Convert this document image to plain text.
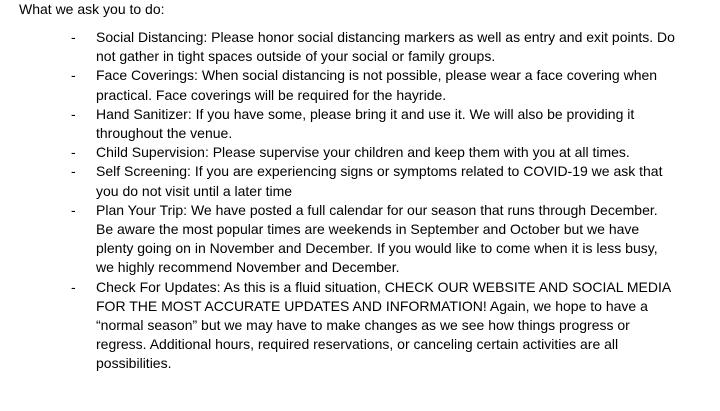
What we ask you to do:
- Social Distancing: Please honor social distancing markers as well as entry and exit points. Do not gather in tight spaces outside of your social or family groups.
- Face Coverings: When social distancing is not possible, please wear a face covering when practical. Face coverings will be required for the hayride.
- Hand Sanitizer: If you have some, please bring it and use it. We will also be providing it throughout the venue.
- Child Supervision: Please supervise your children and keep them with you at all times.
- Self Screening: If you are experiencing signs or symptoms related to COVID-19 we ask that you do not visit until a later time
- Plan Your Trip: We have posted a full calendar for our season that runs through December. Be aware the most popular times are weekends in September and October but we have plenty going on in November and December. If you would like to come when it is less busy, we highly recommend November and December.
- Check For Updates: As this is a fluid situation, CHECK OUR WEBSITE AND SOCIAL MEDIA FOR THE MOST ACCURATE UPDATES AND INFORMATION! Again, we hope to have a “normal season” but we may have to make changes as we see how things progress or regress. Additional hours, required reservations, or canceling certain activities are all possibilities.
